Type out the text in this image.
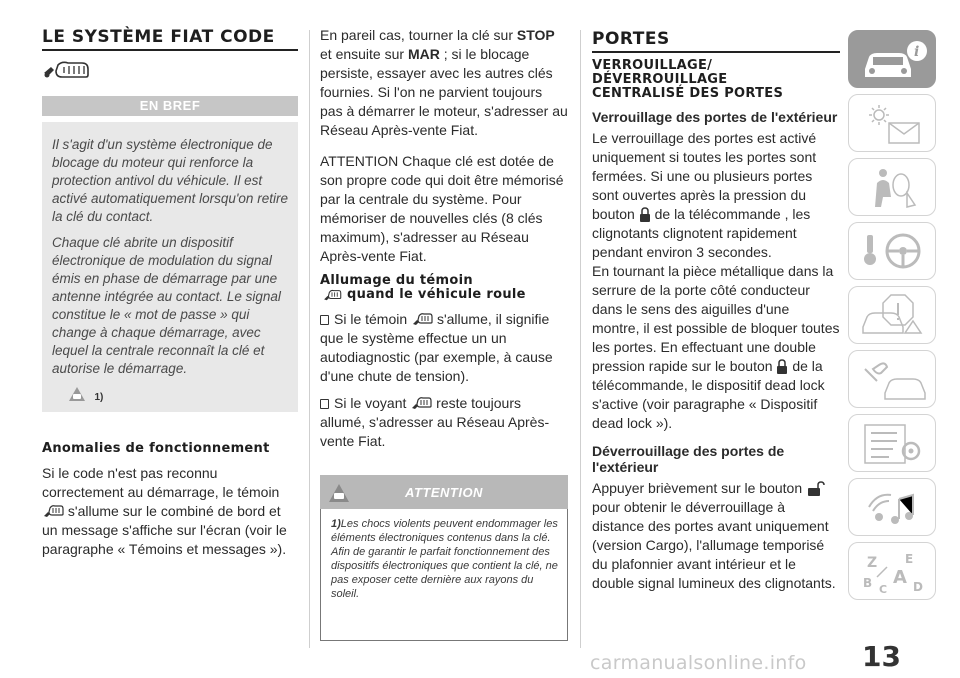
LE SYSTÈME FIAT CODE
EN BREF

Il s'agit d'un système électronique de blocage du moteur qui renforce la protection antivol du véhicule. Il est activé automatiquement lorsqu'on retire la clé du contact.

Chaque clé abrite un dispositif électronique de modulation du signal émis en phase de démarrage par une antenne intégrée au contact. Le signal constitue le « mot de passe » qui change à chaque démarrage, avec lequel la centrale reconnaît la clé et autorise le démarrage.

1)
Anomalies de fonctionnement

Si le code n'est pas reconnu correctement au démarrage, le témoin  s'allume sur le combiné de bord et un message s'affiche sur l'écran (voir le paragraphe « Témoins et messages »).

En pareil cas, tourner la clé sur STOP et ensuite sur MAR ; si le blocage persiste, essayer avec les autres clés fournies. Si l'on ne parvient toujours pas à démarrer le moteur, s'adresser au Réseau Après-vente Fiat.

ATTENTION Chaque clé est dotée de son propre code qui doit être mémorisé par la centrale du système. Pour mémoriser de nouvelles clés (8 clés maximum), s'adresser au Réseau Après-vente Fiat.

Allumage du témoin
quand le véhicule roule

Si le témoin s'allume, il signifie que le système effectue un un autodiagnostic (par exemple, à cause d'une chute de tension).

Si le voyant reste toujours allumé, s'adresser au Réseau Après-vente Fiat.

ATTENTION

1)Les chocs violents peuvent endommager les éléments électroniques contenus dans la clé. Afin de garantir le parfait fonctionnement des dispositifs électroniques que contient la clé, ne pas exposer cette dernière aux rayons du soleil.

PORTES
VERROUILLAGE/ DÉVERROUILLAGE CENTRALISÉ DES PORTES
Verrouillage des portes de l'extérieur

Le verrouillage des portes est activé uniquement si toutes les portes sont fermées. Si une ou plusieurs portes sont ouvertes après la pression du bouton de la télécommande , les clignotants clignotent rapidement pendant environ 3 secondes.

En tournant la pièce métallique dans la serrure de la porte côté conducteur dans le sens des aiguilles d'une montre, il est possible de bloquer toutes les portes. En effectuant une double pression rapide sur le bouton de la télécommande, le dispositif dead lock s'active (voir paragraphe « Dispositif dead lock »).

Déverrouillage des portes de l'extérieur

Appuyer brièvement sur le bouton  pour obtenir le déverrouillage à distance des portes avant uniquement (version Cargo), l'allumage temporisé du plafonnier avant intérieur et le double signal lumineux des clignotants.

i
Z E
B A
C D
13
carmanualsonline.info
